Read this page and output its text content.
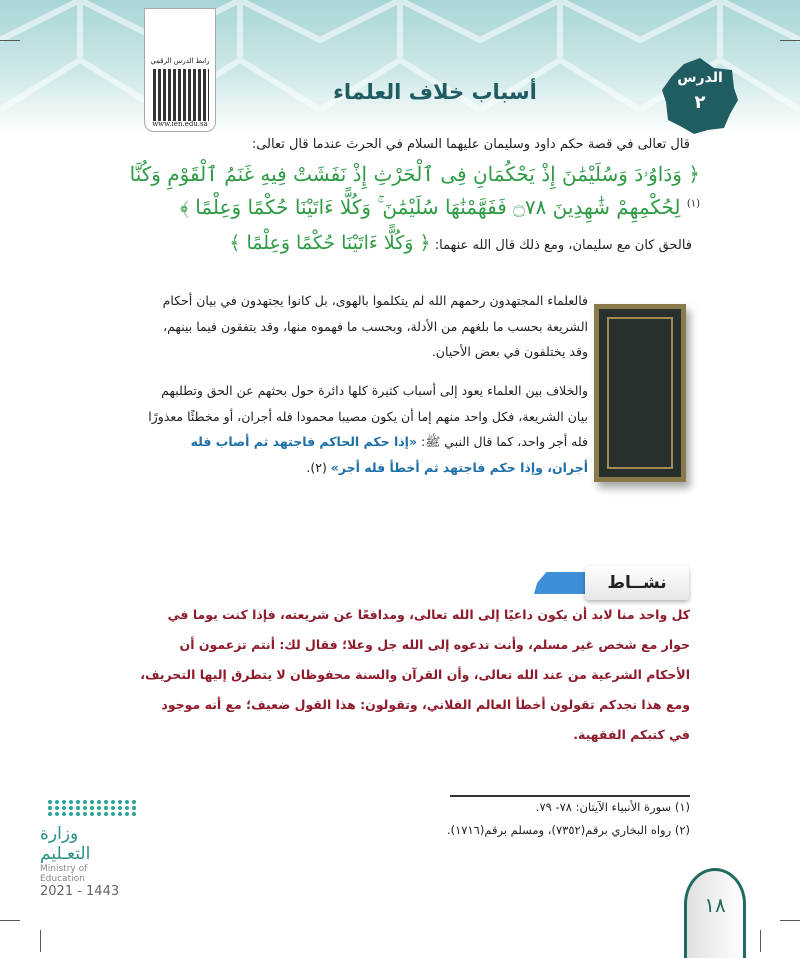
الدرس
٢
أسباب خلاف العلماء
رابط الدرس الرقمي
www.ien.edu.sa
قال تعالى في قصة حكم داود وسليمان عليهما السلام في الحرث عندما قال تعالى:
﴿ وَدَاوُۥدَ وَسُلَيْمَٰنَ إِذْ يَحْكُمَانِ فِى ٱلْحَرْثِ إِذْ نَفَشَتْ فِيهِ غَنَمُ ٱلْقَوْمِ وَكُنَّا
$^{(١)}$ لِحُكْمِهِمْ شَٰهِدِينَ ۝٧٨ فَفَهَّمْنَٰهَا سُلَيْمَٰنَ ۚ وَكُلًّا ءَاتَيْنَا حُكْمًا وَعِلْمًا ﴾
فالحق كان مع سليمان، ومع ذلك قال الله عنهما: ﴿ وَكُلًّا ءَاتَيْنَا حُكْمًا وَعِلْمًا ﴾
فالعلماء المجتهدون رحمهم الله لم يتكلموا بالهوى، بل كانوا يجتهدون في بيان أحكام الشريعة بحسب ما بلغهم من الأدلة، وبحسب ما فهموه منها، وقد يتفقون فيما بينهم، وقد يختلفون في بعض الأحيان.
والخلاف بين العلماء يعود إلى أسباب كثيرة كلها دائرة حول بحثهم عن الحق وتطلبهم بيان الشريعة، فكل واحد منهم إما أن يكون مصيبا محمودا فله أجران، أو مخطئًا معذورًا فله أجر واحد، كما قال النبي ﷺ: «إذا حكم الحاكم فاجتهد ثم أصاب فله أجران، وإذا حكم فاجتهد ثم أخطأ فله أجر» (٢).
نشــاط
كل واحد منا لابد أن يكون داعيًا إلى الله تعالى، ومدافعًا عن شريعته، فإذا كنت يوما في حوار مع شخص غير مسلم، وأنت تدعوه إلى الله جل وعلا؛ فقال لك: أنتم تزعمون أن الأحكام الشرعية من عند الله تعالى، وأن القرآن والسنة محفوظان لا يتطرق إليها التحريف، ومع هذا نجدكم تقولون أخطأ العالم الفلاني، وتقولون: هذا القول ضعيف؛ مع أنه موجود في كتبكم الفقهية.
(١) سورة الأنبياء الآيتان: ٧٨- ٧٩.
(٢) رواه البخاري برقم(٧٣٥٢)، ومسلم برقم(١٧١٦).
وزارة التعـليم
Ministry of Education
2021 - 1443
١٨
